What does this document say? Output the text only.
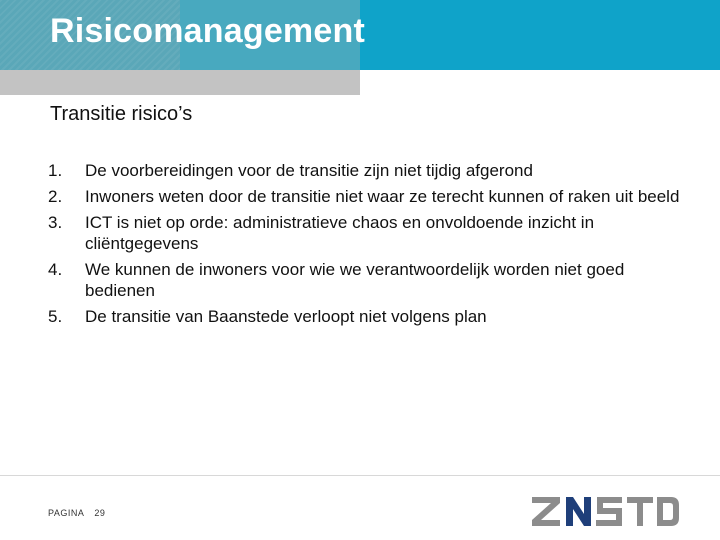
Risicomanagement
Transitie risico’s
1.	De voorbereidingen voor de transitie zijn niet tijdig afgerond
2.	Inwoners weten door de transitie niet waar ze terecht kunnen of raken uit beeld
3.	ICT is niet op orde: administratieve chaos en onvoldoende inzicht in cliëntgegevens
4.	We kunnen de inwoners voor wie we verantwoordelijk worden niet goed bedienen
5.	De transitie van Baanstede verloopt niet volgens plan
PAGINA 29
